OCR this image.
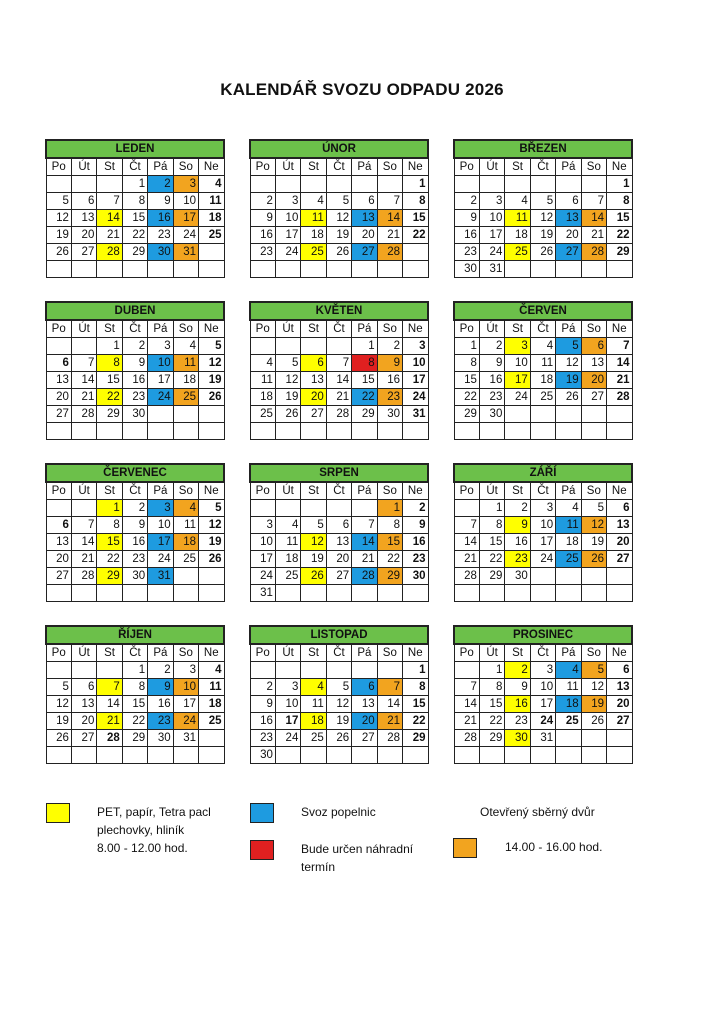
KALENDÁŘ SVOZU ODPADU 2026
LEDEN						
Po	Út	St	Čt	Pá	So	Ne
			1	2	3	4
5	6	7	8	9	10	11
12	13	14	15	16	17	18
19	20	21	22	23	24	25
26	27	28	29	30	31	

ÚNOR						
Po	Út	St	Čt	Pá	So	Ne
						1
2	3	4	5	6	7	8
9	10	11	12	13	14	15
16	17	18	19	20	21	22
23	24	25	26	27	28	

BŘEZEN						
Po	Út	St	Čt	Pá	So	Ne
						1
2	3	4	5	6	7	8
9	10	11	12	13	14	15
16	17	18	19	20	21	22
23	24	25	26	27	28	29
30	31					
DUBEN						
Po	Út	St	Čt	Pá	So	Ne
		1	2	3	4	5
6	7	8	9	10	11	12
13	14	15	16	17	18	19
20	21	22	23	24	25	26
27	28	29	30			

KVĚTEN						
Po	Út	St	Čt	Pá	So	Ne
				1	2	3
4	5	6	7	8	9	10
11	12	13	14	15	16	17
18	19	20	21	22	23	24
25	26	27	28	29	30	31

ČERVEN						
Po	Út	St	Čt	Pá	So	Ne
1	2	3	4	5	6	7
8	9	10	11	12	13	14
15	16	17	18	19	20	21
22	23	24	25	26	27	28
29	30					

ČERVENEC						
Po	Út	St	Čt	Pá	So	Ne
		1	2	3	4	5
6	7	8	9	10	11	12
13	14	15	16	17	18	19
20	21	22	23	24	25	26
27	28	29	30	31		

SRPEN						
Po	Út	St	Čt	Pá	So	Ne
					1	2
3	4	5	6	7	8	9
10	11	12	13	14	15	16
17	18	19	20	21	22	23
24	25	26	27	28	29	30
31						
ZÁŘÍ						
Po	Út	St	Čt	Pá	So	Ne
	1	2	3	4	5	6
7	8	9	10	11	12	13
14	15	16	17	18	19	20
21	22	23	24	25	26	27
28	29	30				

ŘÍJEN						
Po	Út	St	Čt	Pá	So	Ne
			1	2	3	4
5	6	7	8	9	10	11
12	13	14	15	16	17	18
19	20	21	22	23	24	25
26	27	28	29	30	31	

LISTOPAD						
Po	Út	St	Čt	Pá	So	Ne
						1
2	3	4	5	6	7	8
9	10	11	12	13	14	15
16	17	18	19	20	21	22
23	24	25	26	27	28	29
30						
PROSINEC						
Po	Út	St	Čt	Pá	So	Ne
	1	2	3	4	5	6
7	8	9	10	11	12	13
14	15	16	17	18	19	20
21	22	23	24	25	26	27
28	29	30	31			

PET, papír, Tetra pacl
plechovky, hliník
8.00 - 12.00 hod.
Svoz popelnic
Bude určen náhradní
termín
Otevřený sběrný dvůr
14.00 - 16.00 hod.
